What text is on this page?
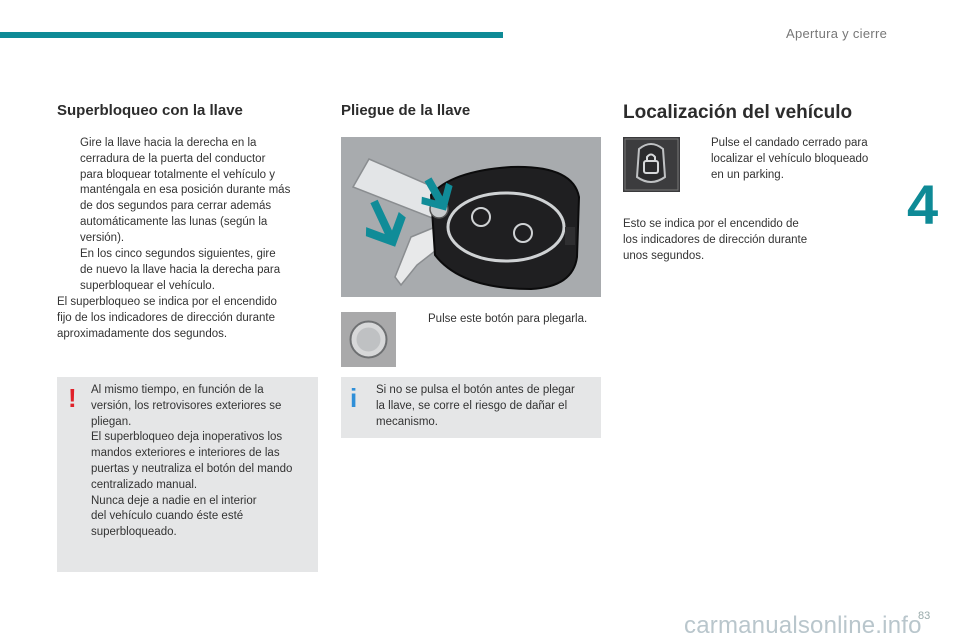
Apertura y cierre
4
83
carmanualsonline.info
Superbloqueo con la llave
Gire la llave hacia la derecha en la
cerradura de la puerta del conductor
para bloquear totalmente el vehículo y
manténgala en esa posición durante más
de dos segundos para cerrar además
automáticamente las lunas (según la
versión).
En los cinco segundos siguientes, gire
de nuevo la llave hacia la derecha para
superbloquear el vehículo.
El superbloqueo se indica por el encendido
fijo de los indicadores de dirección durante
aproximadamente dos segundos.
! Al mismo tiempo, en función de la
versión, los retrovisores exteriores se
pliegan.
El superbloqueo deja inoperativos los
mandos exteriores e interiores de las
puertas y neutraliza el botón del mando
centralizado manual.
Nunca deje a nadie en el interior
del vehículo cuando éste esté
superbloqueado.
Pliegue de la llave
Pulse este botón para plegarla.
i Si no se pulsa el botón antes de plegar
la llave, se corre el riesgo de dañar el
mecanismo.
Localización del vehículo
Pulse el candado cerrado para
localizar el vehículo bloqueado
en un parking.
Esto se indica por el encendido de
los indicadores de dirección durante
unos segundos.
